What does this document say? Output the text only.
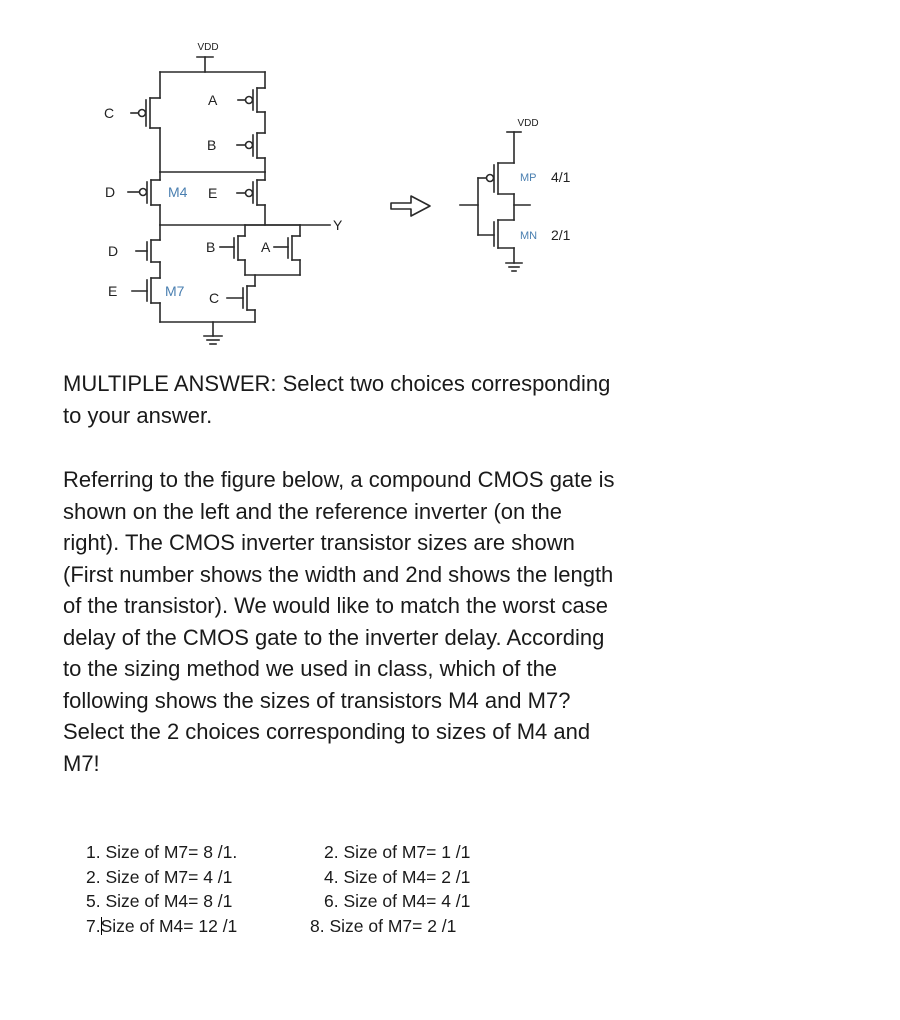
VDD
C
A
B
D	M4 E
Y
D
E	M7
B	A
C
VDD
MP 4/1
MN 2/1

MULTIPLE ANSWER: Select two choices corresponding to your answer.

Referring to the figure below, a compound CMOS gate is shown on the left and the reference inverter (on the right). The CMOS inverter transistor sizes are shown (First number shows the width and 2nd shows the length of the transistor). We would like to match the worst case delay of the CMOS gate to the inverter delay. According to the sizing method we used in class, which of the following shows the sizes of transistors M4 and M7? Select the 2 choices corresponding to sizes of M4 and M7!

1. Size of M7= 8 /1.
2. Size of M7= 4 /1
5. Size of M4= 8 /1
7.Size of M4= 12 /1
2. Size of M7= 1 /1
4. Size of M4= 2 /1
6. Size of M4= 4 /1
8. Size of M7= 2 /1
